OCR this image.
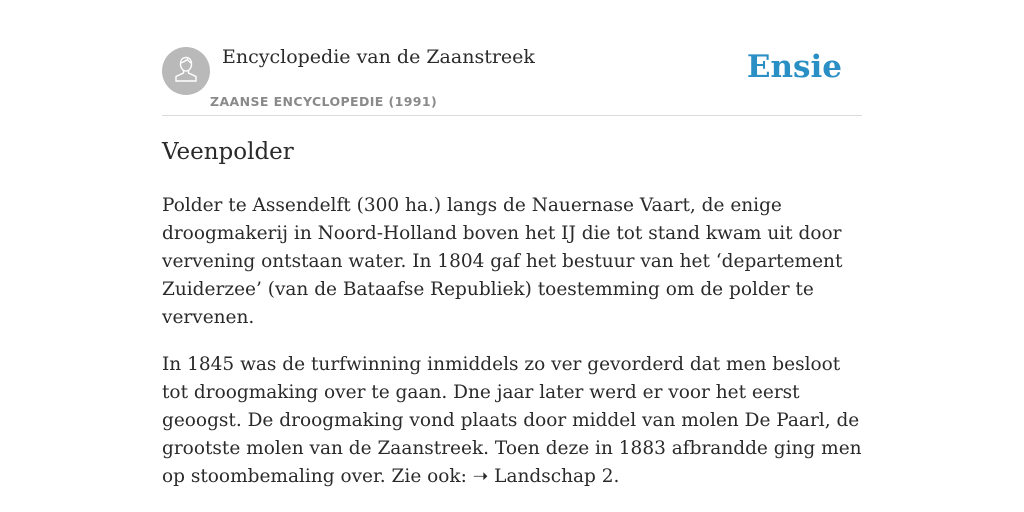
Encyclopedie van de Zaanstreek
ZAANSE ENCYCLOPEDIE (1991)
Ensie
Veenpolder

Polder te Assendelft (300 ha.) langs de Nauernase Vaart, de enige droogmakerij in Noord-Holland boven het IJ die tot stand kwam uit door vervening ontstaan water. In 1804 gaf het bestuur van het ‘departement Zuiderzee’ (van de Bataafse Republiek) toestemming om de polder te vervenen.

In 1845 was de turfwinning inmiddels zo ver gevorderd dat men besloot tot droogmaking over te gaan. Dne jaar later werd er voor het eerst geoogst. De droogmaking vond plaats door middel van molen De Paarl, de grootste molen van de Zaanstreek. Toen deze in 1883 afbrandde ging men op stoombemaling over. Zie ook: ➝ Landschap 2.
